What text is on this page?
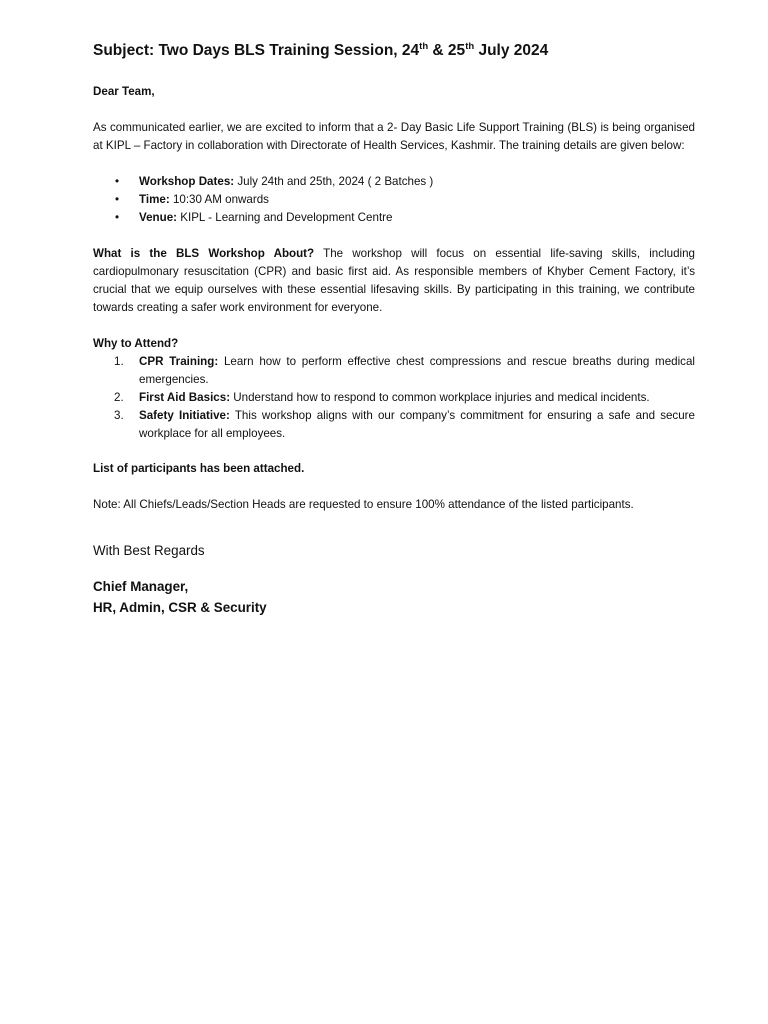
Subject: Two Days BLS Training Session, 24th & 25th July 2024

Dear Team,

As communicated earlier, we are excited to inform that a 2- Day Basic Life Support Training (BLS) is being organised at KIPL – Factory in collaboration with Directorate of Health Services, Kashmir. The training details are given below:

• Workshop Dates: July 24th and 25th, 2024 ( 2 Batches )
• Time: 10:30 AM onwards
• Venue: KIPL - Learning and Development Centre

What is the BLS Workshop About? The workshop will focus on essential life-saving skills, including cardiopulmonary resuscitation (CPR) and basic first aid. As responsible members of Khyber Cement Factory, it’s crucial that we equip ourselves with these essential lifesaving skills. By participating in this training, we contribute towards creating a safer work environment for everyone.

Why to Attend?

1. CPR Training: Learn how to perform effective chest compressions and rescue breaths during medical emergencies.
2. First Aid Basics: Understand how to respond to common workplace injuries and medical incidents.
3. Safety Initiative: This workshop aligns with our company’s commitment for ensuring a safe and secure workplace for all employees.

List of participants has been attached.

Note: All Chiefs/Leads/Section Heads are requested to ensure 100% attendance of the listed participants.

With Best Regards

Chief Manager,

HR, Admin, CSR & Security
